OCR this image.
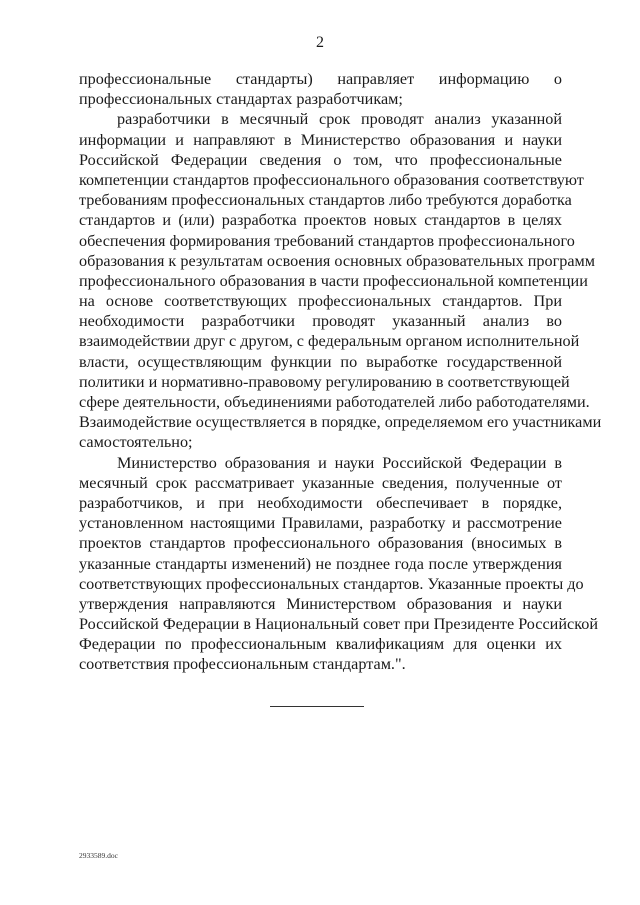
2
профессиональные стандарты) направляет информацию о
профессиональных стандартах разработчикам;
разработчики в месячный срок проводят анализ указанной
информации и направляют в Министерство образования и науки
Российской Федерации сведения о том, что профессиональные
компетенции стандартов профессионального образования соответствуют
требованиям профессиональных стандартов либо требуются доработка
стандартов и (или) разработка проектов новых стандартов в целях
обеспечения формирования требований стандартов профессионального
образования к результатам освоения основных образовательных программ
профессионального образования в части профессиональной компетенции
на основе соответствующих профессиональных стандартов. При
необходимости разработчики проводят указанный анализ во
взаимодействии друг с другом, с федеральным органом исполнительной
власти, осуществляющим функции по выработке государственной
политики и нормативно-правовому регулированию в соответствующей
сфере деятельности, объединениями работодателей либо работодателями.
Взаимодействие осуществляется в порядке, определяемом его участниками
самостоятельно;
Министерство образования и науки Российской Федерации в
месячный срок рассматривает указанные сведения, полученные от
разработчиков, и при необходимости обеспечивает в порядке,
установленном настоящими Правилами, разработку и рассмотрение
проектов стандартов профессионального образования (вносимых в
указанные стандарты изменений) не позднее года после утверждения
соответствующих профессиональных стандартов. Указанные проекты до
утверждения направляются Министерством образования и науки
Российской Федерации в Национальный совет при Президенте Российской
Федерации по профессиональным квалификациям для оценки их
соответствия профессиональным стандартам.".
2933589.doc
